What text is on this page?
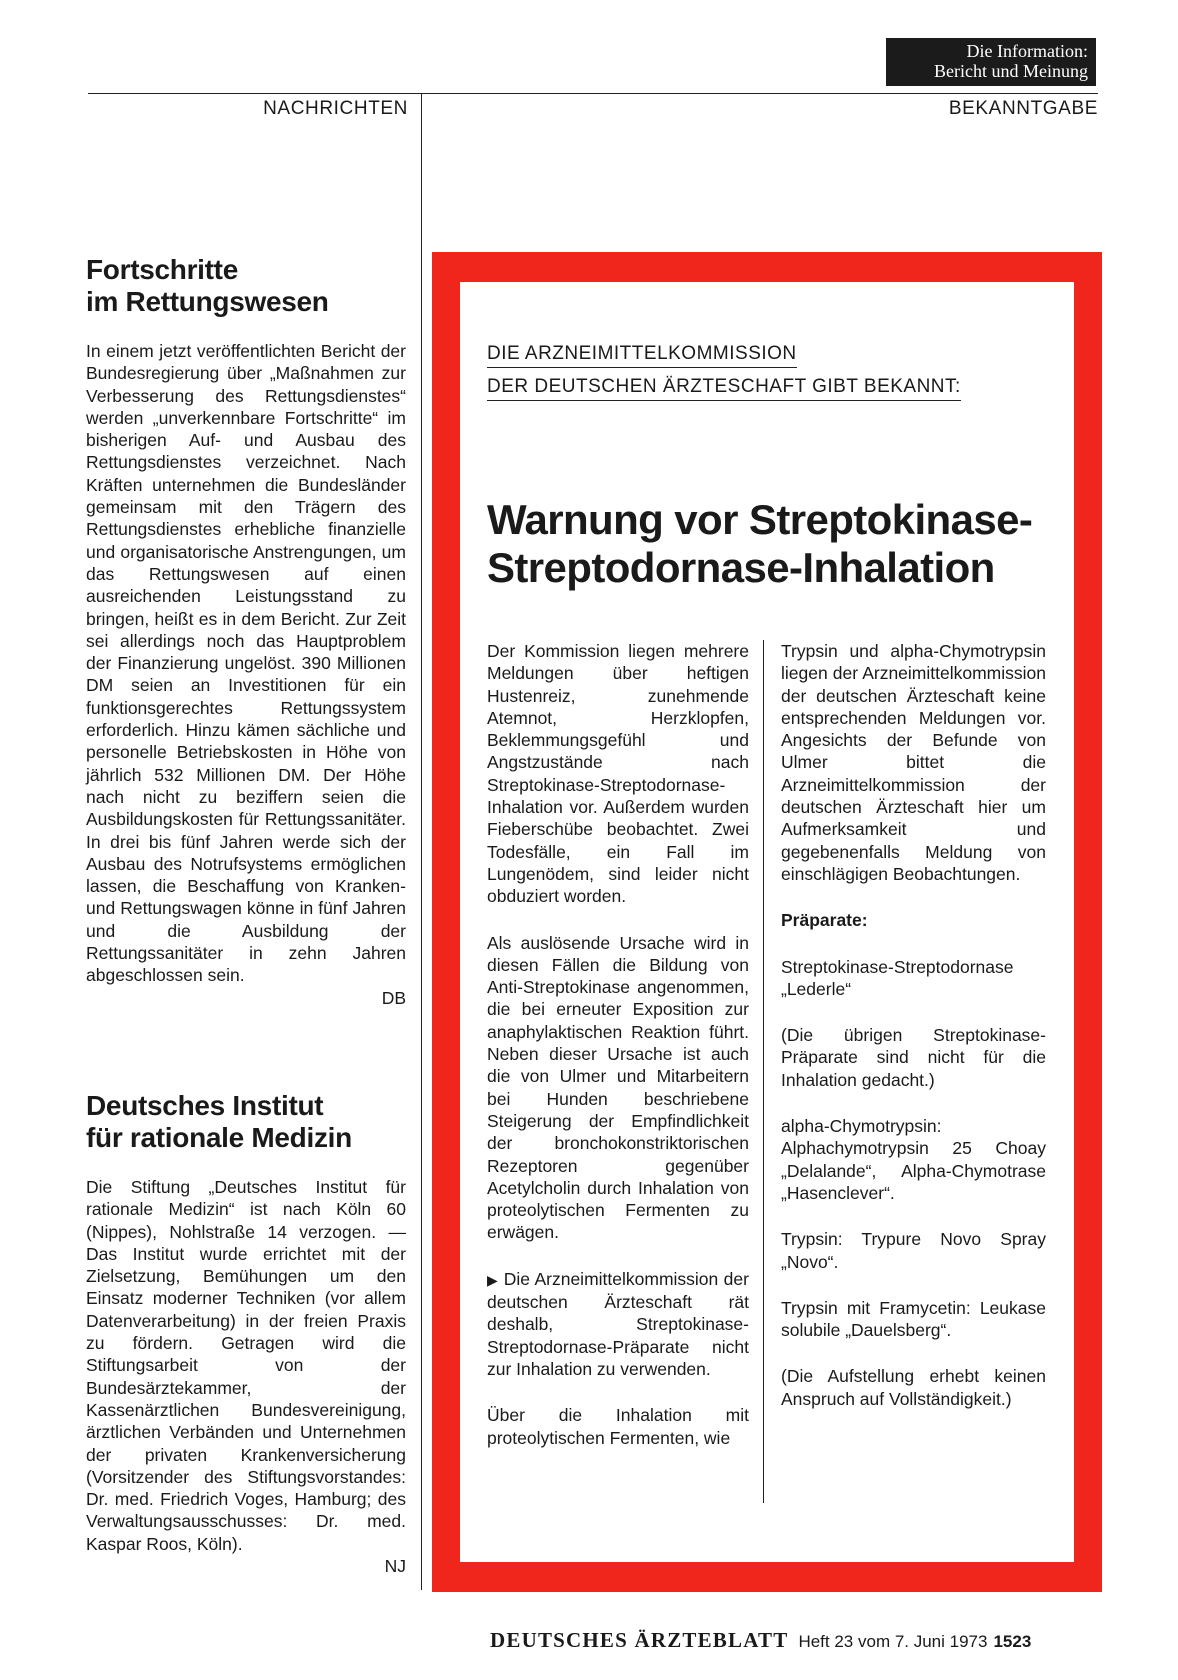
Die Information:
Bericht und Meinung
NACHRICHTEN	BEKANNTGABE
Fortschritte
im Rettungswesen

In einem jetzt veröffentlichten Bericht der Bundesregierung über „Maßnahmen zur Verbesserung des Rettungsdienstes“ werden „unverkennbare Fortschritte“ im bisherigen Auf- und Ausbau des Rettungsdienstes verzeichnet. Nach Kräften unternehmen die Bundesländer gemeinsam mit den Trägern des Rettungsdienstes erhebliche finanzielle und organisatorische Anstrengungen, um das Rettungswesen auf einen ausreichenden Leistungsstand zu bringen, heißt es in dem Bericht. Zur Zeit sei allerdings noch das Hauptproblem der Finanzierung ungelöst. 390 Millionen DM seien an Investitionen für ein funktionsgerechtes Rettungssystem erforderlich. Hinzu kämen sächliche und personelle Betriebskosten in Höhe von jährlich 532 Millionen DM. Der Höhe nach nicht zu beziffern seien die Ausbildungskosten für Rettungssanitäter. In drei bis fünf Jahren werde sich der Ausbau des Notrufsystems ermöglichen lassen, die Beschaffung von Kranken- und Rettungswagen könne in fünf Jahren und die Ausbildung der Rettungssanitäter in zehn Jahren abgeschlossen sein.

DB
Deutsches Institut
für rationale Medizin

Die Stiftung „Deutsches Institut für rationale Medizin“ ist nach Köln 60 (Nippes), Nohlstraße 14 verzogen. — Das Institut wurde errichtet mit der Zielsetzung, Bemühungen um den Einsatz moderner Techniken (vor allem Datenverarbeitung) in der freien Praxis zu fördern. Getragen wird die Stiftungsarbeit von der Bundesärztekammer, der Kassenärztlichen Bundesvereinigung, ärztlichen Verbänden und Unternehmen der privaten Krankenversicherung (Vorsitzender des Stiftungsvorstandes: Dr. med. Friedrich Voges, Hamburg; des Verwaltungsausschusses: Dr. med. Kaspar Roos, Köln).

NJ
DIE ARZNEIMITTELKOMMISSION
DER DEUTSCHEN ÄRZTESCHAFT GIBT BEKANNT:
Warnung vor Streptokinase-
Streptodornase-Inhalation

Der Kommission liegen mehrere Meldungen über heftigen Hustenreiz, zunehmende Atemnot, Herzklopfen, Beklemmungsgefühl und Angstzustände nach Streptokinase-Streptodornase-Inhalation vor. Außerdem wurden Fieberschübe beobachtet. Zwei Todesfälle, ein Fall im Lungenödem, sind leider nicht obduziert worden.

Als auslösende Ursache wird in diesen Fällen die Bildung von Anti-Streptokinase angenommen, die bei erneuter Exposition zur anaphylaktischen Reaktion führt. Neben dieser Ursache ist auch die von Ulmer und Mitarbeitern bei Hunden beschriebene Steigerung der Empfindlichkeit der bronchokonstriktorischen Rezeptoren gegenüber Acetylcholin durch Inhalation von proteolytischen Fermenten zu erwägen.

▶ Die Arzneimittelkommission der deutschen Ärzteschaft rät deshalb, Streptokinase-Streptodornase-Präparate nicht zur Inhalation zu verwenden.

Über die Inhalation mit proteolytischen Fermenten, wie

Trypsin und alpha-Chymotrypsin liegen der Arzneimittelkommission der deutschen Ärzteschaft keine entsprechenden Meldungen vor. Angesichts der Befunde von Ulmer bittet die Arzneimittelkommission der deutschen Ärzteschaft hier um Aufmerksamkeit und gegebenenfalls Meldung von einschlägigen Beobachtungen.

Präparate:

Streptokinase-Streptodornase „Lederle“

(Die übrigen Streptokinase-Präparate sind nicht für die Inhalation gedacht.)

alpha-Chymotrypsin: Alphachymotrypsin 25 Choay „Delalande“, Alpha-Chymotrase „Hasenclever“.

Trypsin: Trypure Novo Spray „Novo“.

Trypsin mit Framycetin: Leukase solubile „Dauelsberg“.

(Die Aufstellung erhebt keinen Anspruch auf Vollständigkeit.)

DEUTSCHES ÄRZTEBLATT Heft 23 vom 7. Juni 1973 1523
